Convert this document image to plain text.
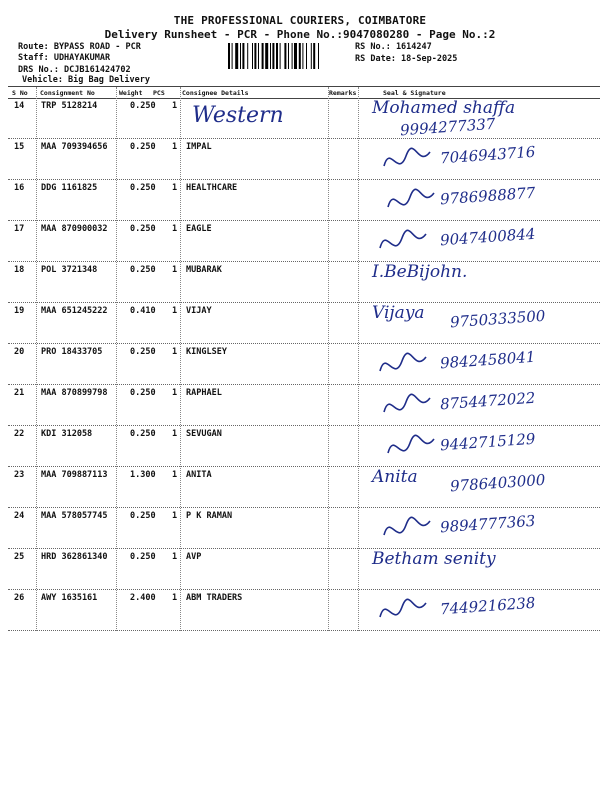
THE PROFESSIONAL COURIERS, COIMBATORE
Delivery Runsheet - PCR - Phone No.:9047080280 - Page No.:2
Route: BYPASS ROAD - PCR
Staff: UDHAYAKUMAR
DRS No.: DCJB161424702
Vehicle: Big Bag Delivery
RS No.: 1614247
RS Date: 18-Sep-2025
S No Consignment No	Weight PCS	Consignee Details	Remarks	Seal & Signature
14 TRP 5128214	0.250 1 Western	Mohamed shaffa
9994277337
15 MAA 709394656	0.250 1 IMPAL	7046943716
16 DDG 1161825	0.250 1 HEALTHCARE	9786988877
17 MAA 870900032	0.250 1 EAGLE	9047400844
18 POL 3721348	0.250 1 MUBARAK	I.BeBijohn.
19 MAA 651245222	0.410 1 VIJAY	Vijaya 9750333500
20 PRO 18433705	0.250 1 KINGLSEY	9842458041
21 MAA 870899798	0.250 1 RAPHAEL	8754472022
22 KDI 312058	0.250 1 SEVUGAN	9442715129
23 MAA 709887113	1.300 1 ANITA	Anita 9786403000
24 MAA 578057745	0.250 1 P K RAMAN	9894777363
25 HRD 362861340	0.250 1 AVP	Betham senity
26 AWY 1635161	2.400 1 ABM TRADERS	7449216238
